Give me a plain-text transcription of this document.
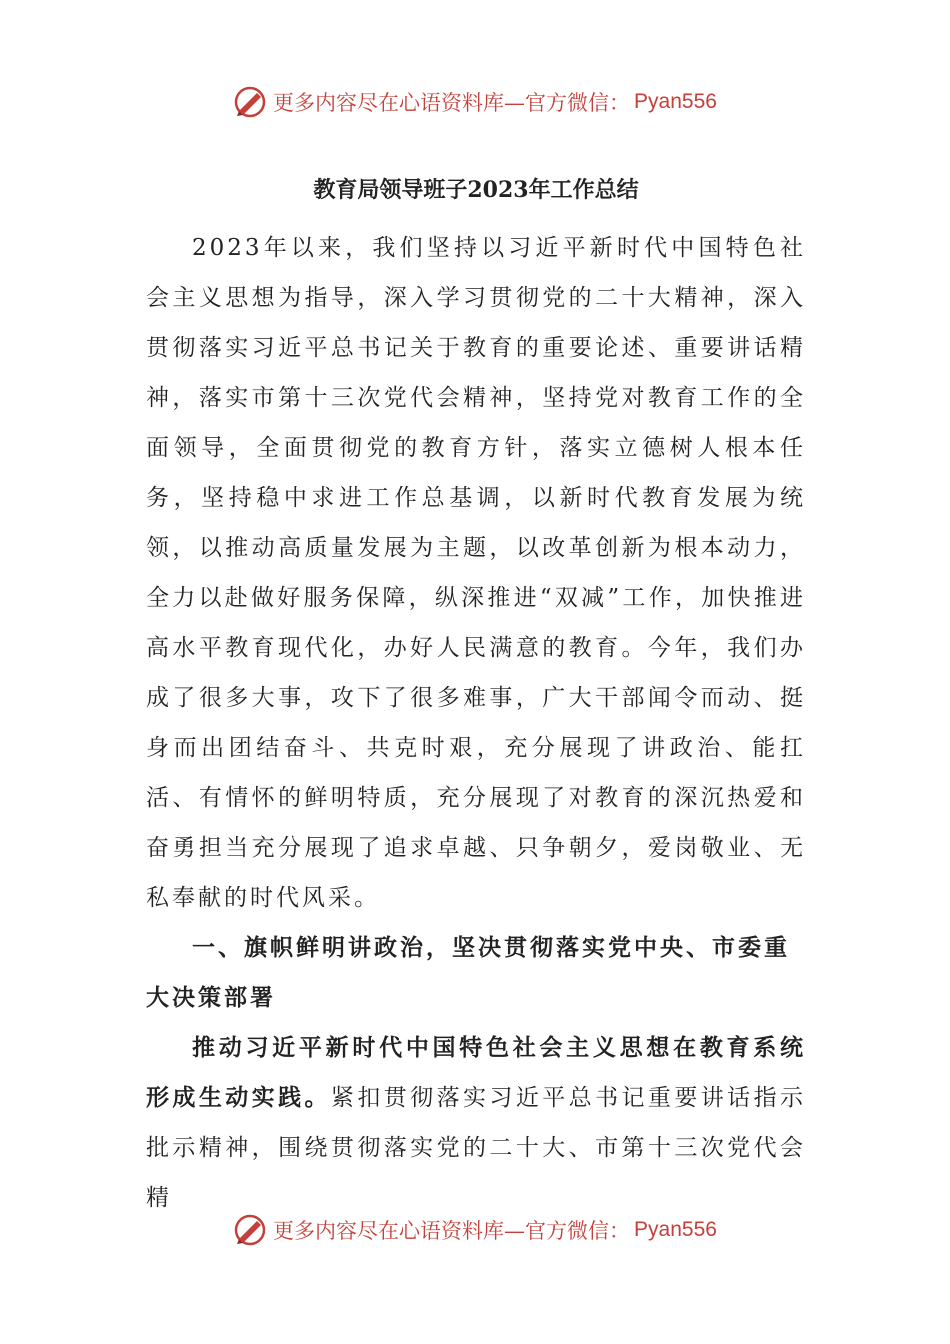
更多内容尽在心语资料库—官方微信： Pyan556
教育局领导班子2023年工作总结

2023年以来，我们坚持以习近平新时代中国特色社会主义思想为指导，深入学习贯彻党的二十大精神，深入贯彻落实习近平总书记关于教育的重要论述、重要讲话精神，落实市第十三次党代会精神，坚持党对教育工作的全面领导，全面贯彻党的教育方针，落实立德树人根本任务，坚持稳中求进工作总基调，以新时代教育发展为统领，以推动高质量发展为主题，以改革创新为根本动力，全力以赴做好服务保障，纵深推进“双减”工作，加快推进高水平教育现代化，办好人民满意的教育。今年，我们办成了很多大事，攻下了很多难事，广大干部闻令而动、挺身而出团结奋斗、共克时艰，充分展现了讲政治、能扛活、有情怀的鲜明特质，充分展现了对教育的深沉热爱和奋勇担当充分展现了追求卓越、只争朝夕，爱岗敬业、无私奉献的时代风采。

一、旗帜鲜明讲政治，坚决贯彻落实党中央、市委重大决策部署

推动习近平新时代中国特色社会主义思想在教育系统形成生动实践。紧扣贯彻落实习近平总书记重要讲话指示批示精神，围绕贯彻落实党的二十大、市第十三次党代会精

更多内容尽在心语资料库—官方微信： Pyan556
